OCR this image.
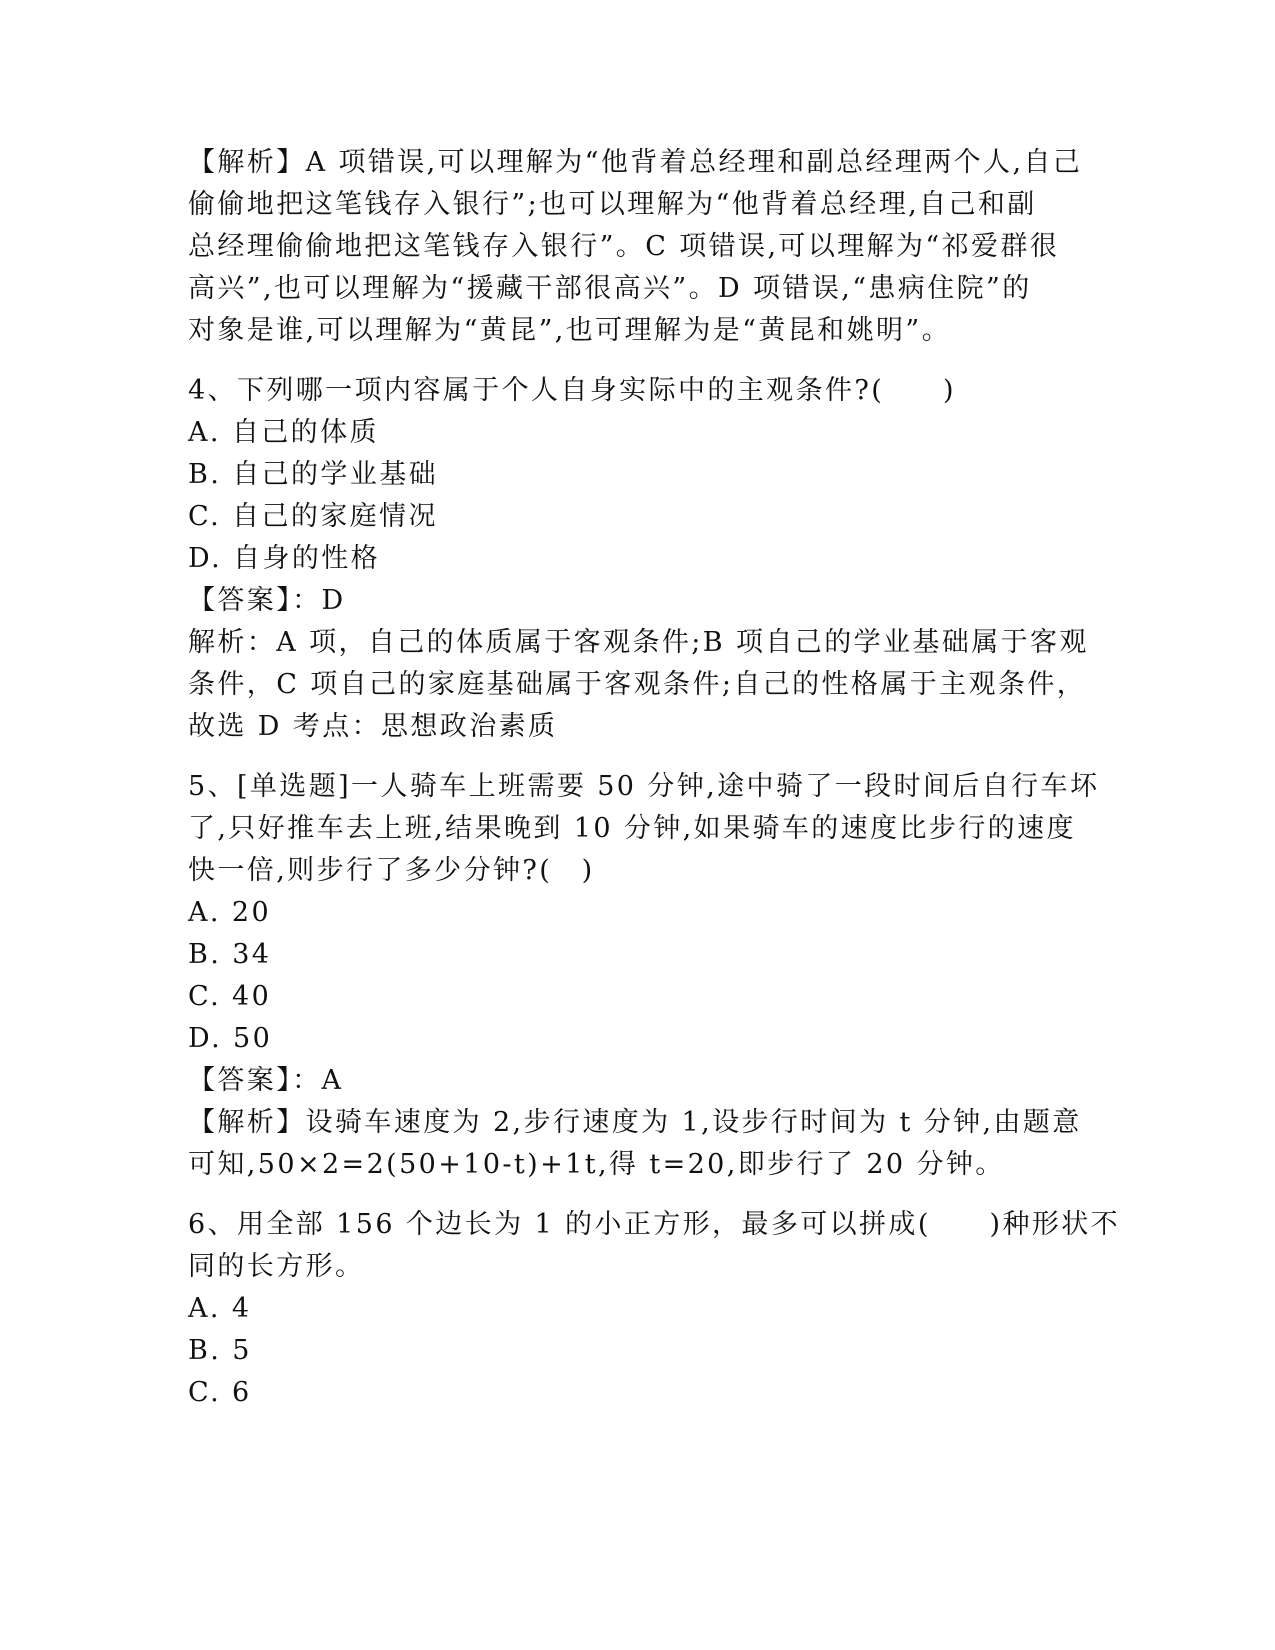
【解析】A 项错误,可以理解为“他背着总经理和副总经理两个人,自己
偷偷地把这笔钱存入银行”;也可以理解为“他背着总经理,自己和副
总经理偷偷地把这笔钱存入银行”。C 项错误,可以理解为“祁爱群很
高兴”,也可以理解为“援藏干部很高兴”。D 项错误,“患病住院”的
对象是谁,可以理解为“黄昆”,也可理解为是“黄昆和姚明”。
4、下列哪一项内容属于个人自身实际中的主观条件?(　　)
A. 自己的体质
B. 自己的学业基础
C. 自己的家庭情况
D. 自身的性格
【答案】：D
解析：A 项，自己的体质属于客观条件;B 项自己的学业基础属于客观
条件，C 项自己的家庭基础属于客观条件;自己的性格属于主观条件，
故选 D 考点：思想政治素质
5、[单选题]一人骑车上班需要 50 分钟,途中骑了一段时间后自行车坏
了,只好推车去上班,结果晚到 10 分钟,如果骑车的速度比步行的速度
快一倍,则步行了多少分钟?(　)
A. 20
B. 34
C. 40
D. 50
【答案】：A
【解析】设骑车速度为 2,步行速度为 1,设步行时间为 t 分钟,由题意
可知,50×2=2(50+10-t)+1t,得 t=20,即步行了 20 分钟。
6、用全部 156 个边长为 1 的小正方形，最多可以拼成(　　)种形状不
同的长方形。
A. 4
B. 5
C. 6
